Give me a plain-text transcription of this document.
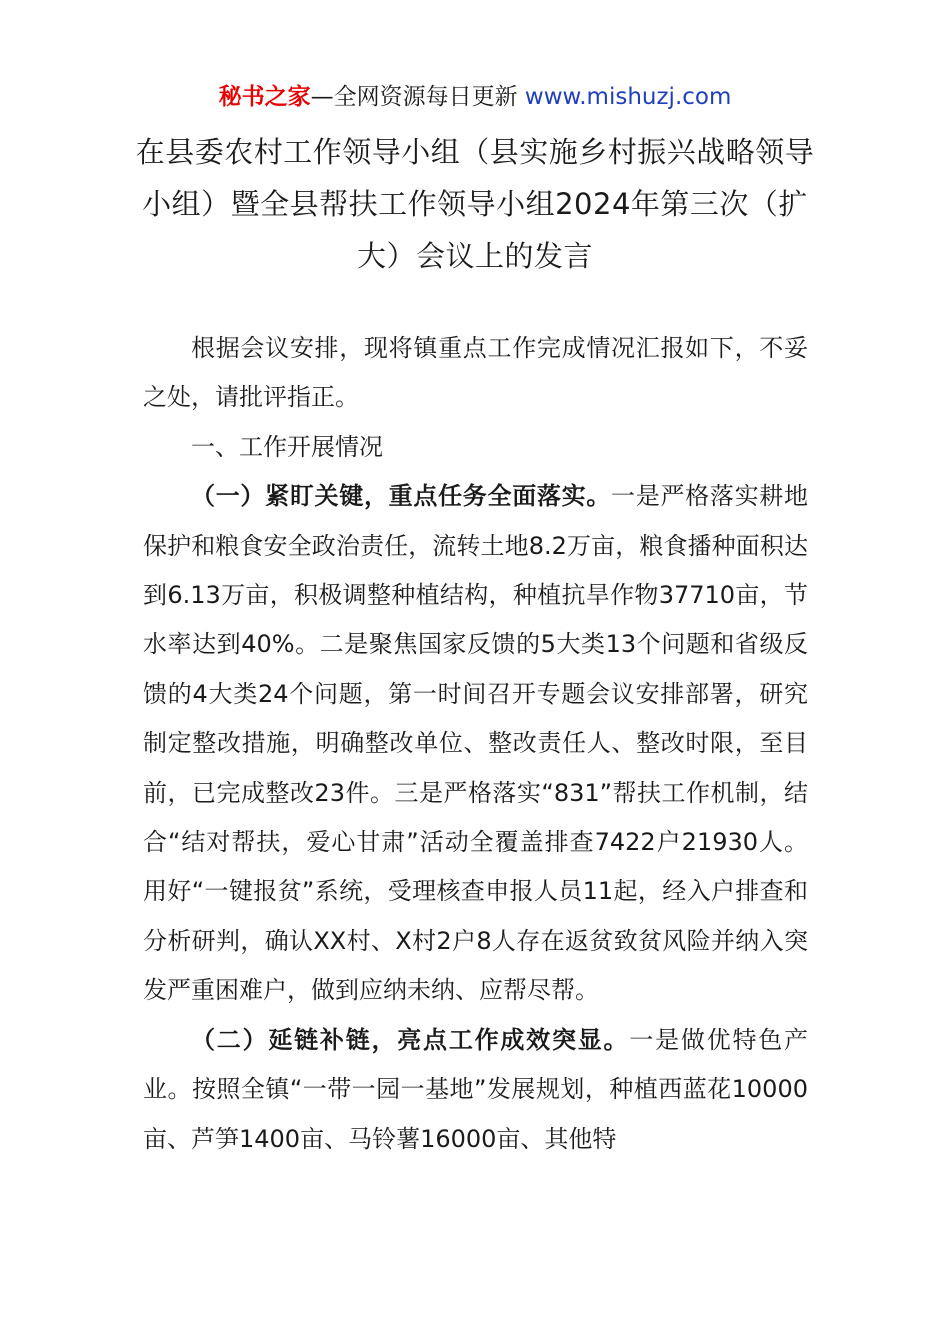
秘书之家—全网资源每日更新 www.mishuzj.com
在县委农村工作领导小组（县实施乡村振兴战略领导小组）暨全县帮扶工作领导小组2024年第三次（扩大）会议上的发言

根据会议安排，现将镇重点工作完成情况汇报如下，不妥之处，请批评指正。

一、工作开展情况

（一）紧盯关键，重点任务全面落实。一是严格落实耕地保护和粮食安全政治责任，流转土地8.2万亩，粮食播种面积达到6.13万亩，积极调整种植结构，种植抗旱作物37710亩，节水率达到40%。二是聚焦国家反馈的5大类13个问题和省级反馈的4大类24个问题，第一时间召开专题会议安排部署，研究制定整改措施，明确整改单位、整改责任人、整改时限，至目前，已完成整改23件。三是严格落实“831”帮扶工作机制，结合“结对帮扶，爱心甘肃”活动全覆盖排查7422户21930人。用好“一键报贫”系统，受理核查申报人员11起，经入户排查和分析研判，确认XX村、X村2户8人存在返贫致贫风险并纳入突发严重困难户，做到应纳未纳、应帮尽帮。

（二）延链补链，亮点工作成效突显。一是做优特色产业。按照全镇“一带一园一基地”发展规划，种植西蓝花10000亩、芦笋1400亩、马铃薯16000亩、其他特
